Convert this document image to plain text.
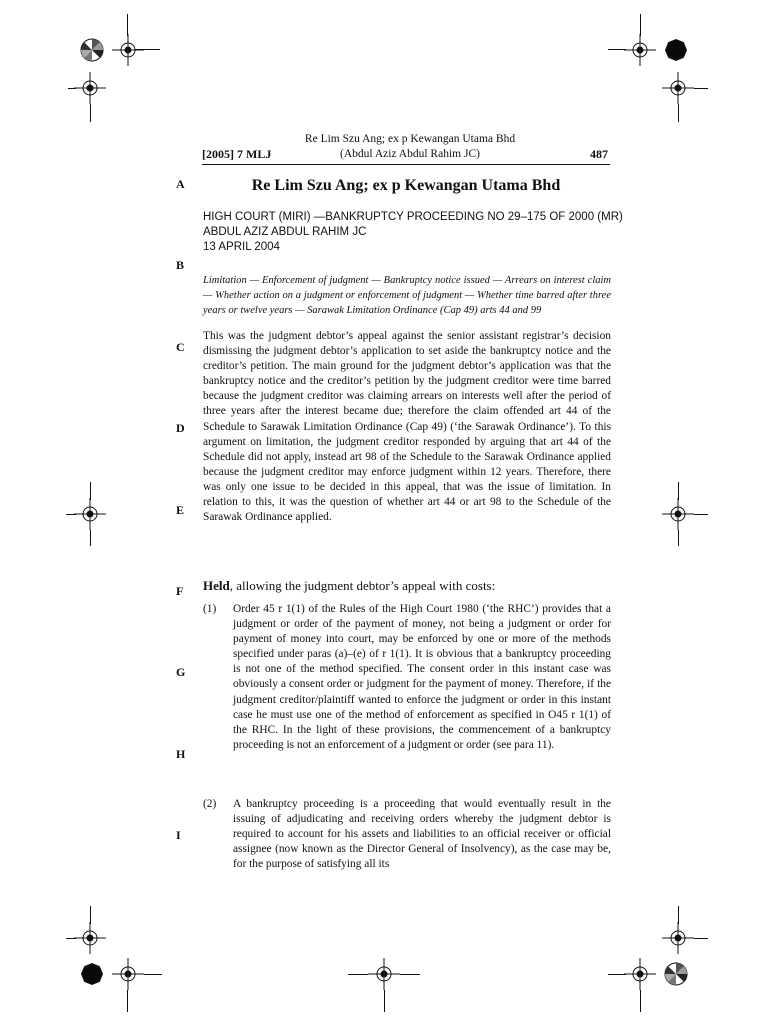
Re Lim Szu Ang; ex p Kewangan Utama Bhd
(Abdul Aziz Abdul Rahim JC)
[2005] 7 MLJ	487
A
B
C
D
E
F
G
H
I
Re Lim Szu Ang; ex p Kewangan Utama Bhd
HIGH COURT (MIRI) —BANKRUPTCY PROCEEDING NO 29–175 OF 2000 (MR)
ABDUL AZIZ ABDUL RAHIM JC
13 APRIL 2004
Limitation — Enforcement of judgment — Bankruptcy notice issued — Arrears on interest claim — Whether action on a judgment or enforcement of judgment — Whether time barred after three years or twelve years — Sarawak Limitation Ordinance (Cap 49) arts 44 and 99
This was the judgment debtor’s appeal against the senior assistant registrar’s decision dismissing the judgment debtor’s application to set aside the bankruptcy notice and the creditor’s petition. The main ground for the judgment debtor’s application was that the bankruptcy notice and the creditor’s petition by the judgment creditor were time barred because the judgment creditor was claiming arrears on interests well after the period of three years after the interest became due; therefore the claim offended art 44 of the Schedule to Sarawak Limitation Ordinance (Cap 49) (‘the Sarawak Ordinance’). To this argument on limitation, the judgment creditor responded by arguing that art 44 of the Schedule did not apply, instead art 98 of the Schedule to the Sarawak Ordinance applied because the judgment creditor may enforce judgment within 12 years. Therefore, there was only one issue to be decided in this appeal, that was the issue of limitation. In relation to this, it was the question of whether art 44 or art 98 to the Schedule of the Sarawak Ordinance applied.
Held, allowing the judgment debtor’s appeal with costs:
(1)	Order 45 r 1(1) of the Rules of the High Court 1980 (‘the RHC’) provides that a judgment or order of the payment of money, not being a judgment or order for payment of money into court, may be enforced by one or more of the methods specified under paras (a)–(e) of r 1(1). It is obvious that a bankruptcy proceeding is not one of the method specified. The consent order in this instant case was obviously a consent order or judgment for the payment of money. Therefore, if the judgment creditor/plaintiff wanted to enforce the judgment or order in this instant case he must use one of the method of enforcement as specified in O45 r 1(1) of the RHC. In the light of these provisions, the commencement of a bankruptcy proceeding is not an enforcement of a judgment or order (see para 11).
(2)	A bankruptcy proceeding is a proceeding that would eventually result in the issuing of adjudicating and receiving orders whereby the judgment debtor is required to account for his assets and liabilities to an official receiver or official assignee (now known as the Director General of Insolvency), as the case may be, for the purpose of satisfying all its
